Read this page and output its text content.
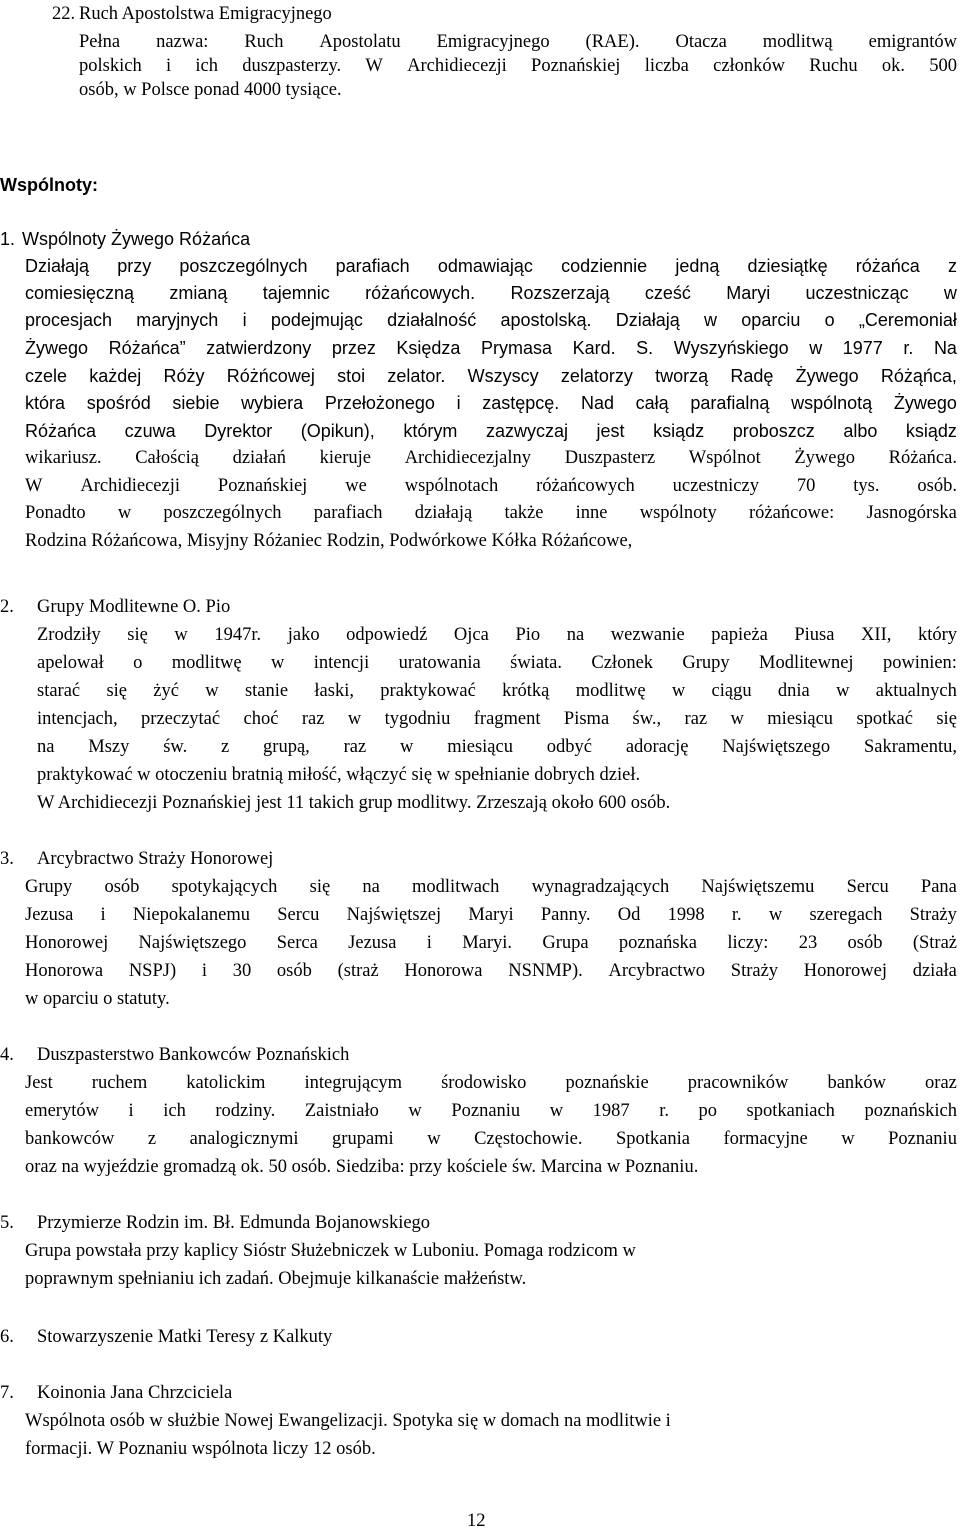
22. Ruch Apostolstwa Emigracyjnego
Pełna nazwa: Ruch Apostolatu Emigracyjnego (RAE). Otacza modlitwą emigrantów
polskich i ich duszpasterzy. W Archidiecezji Poznańskiej liczba członków Ruchu ok. 500
osób, w Polsce ponad 4000 tysiące.
Wspólnoty:
1. Wspólnoty Żywego Różańca
Działają przy poszczególnych parafiach odmawiając codziennie jedną dziesiątkę różańca z
comiesięczną zmianą tajemnic różańcowych. Rozszerzają cześć Maryi uczestnicząc w
procesjach maryjnych i podejmując działalność apostolską. Działają w oparciu o „Ceremoniał
Żywego Różańca” zatwierdzony przez Księdza Prymasa Kard. S. Wyszyńskiego w 1977 r. Na
czele każdej Róży Różńcowej stoi zelator. Wszyscy zelatorzy tworzą Radę Żywego Różąńca,
która spośród siebie wybiera Przełożonego i zastępcę. Nad całą parafialną wspólnotą Żywego
Różańca czuwa Dyrektor (Opikun), którym zazwyczaj jest ksiądz proboszcz albo ksiądz
wikariusz. Całością działań kieruje Archidiecezjalny Duszpasterz Wspólnot Żywego Różańca.
W Archidiecezji Poznańskiej we wspólnotach różańcowych uczestniczy 70 tys. osób.
Ponadto w poszczególnych parafiach działają także inne wspólnoty różańcowe: Jasnogórska
Rodzina Różańcowa, Misyjny Różaniec Rodzin, Podwórkowe Kółka Różańcowe,
2. Grupy Modlitewne O. Pio
Zrodziły się w 1947r. jako odpowiedź Ojca Pio na wezwanie papieża Piusa XII, który
apelował o modlitwę w intencji uratowania świata. Członek Grupy Modlitewnej powinien:
starać się żyć w stanie łaski, praktykować krótką modlitwę w ciągu dnia w aktualnych
intencjach, przeczytać choć raz w tygodniu fragment Pisma św., raz w miesiącu spotkać się
na Mszy św. z grupą, raz w miesiącu odbyć adorację Najświętszego Sakramentu,
praktykować w otoczeniu bratnią miłość, włączyć się w spełnianie dobrych dzieł.
W Archidiecezji Poznańskiej jest 11 takich grup modlitwy. Zrzeszają około 600 osób.
3. Arcybractwo Straży Honorowej
Grupy osób spotykających się na modlitwach wynagradzających Najświętszemu Sercu Pana
Jezusa i Niepokalanemu Sercu Najświętszej Maryi Panny. Od 1998 r. w szeregach Straży
Honorowej Najświętszego Serca Jezusa i Maryi. Grupa poznańska liczy: 23 osób (Straż
Honorowa NSPJ) i 30 osób (straż Honorowa NSNMP). Arcybractwo Straży Honorowej działa
w oparciu o statuty.
4. Duszpasterstwo Bankowców Poznańskich
Jest ruchem katolickim integrującym środowisko poznańskie pracowników banków oraz
emerytów i ich rodziny. Zaistniało w Poznaniu w 1987 r. po spotkaniach poznańskich
bankowców z analogicznymi grupami w Częstochowie. Spotkania formacyjne w Poznaniu
oraz na wyjeździe gromadzą ok. 50 osób. Siedziba: przy kościele św. Marcina w Poznaniu.
5. Przymierze Rodzin im. Bł. Edmunda Bojanowskiego
Grupa powstała przy kaplicy Sióstr Służebniczek w Luboniu. Pomaga rodzicom w
poprawnym spełnianiu ich zadań. Obejmuje kilkanaście małżeństw.
6. Stowarzyszenie Matki Teresy z Kalkuty
7. Koinonia Jana Chrzciciela
Wspólnota osób w służbie Nowej Ewangelizacji. Spotyka się w domach na modlitwie i
formacji. W Poznaniu wspólnota liczy 12 osób.
12
